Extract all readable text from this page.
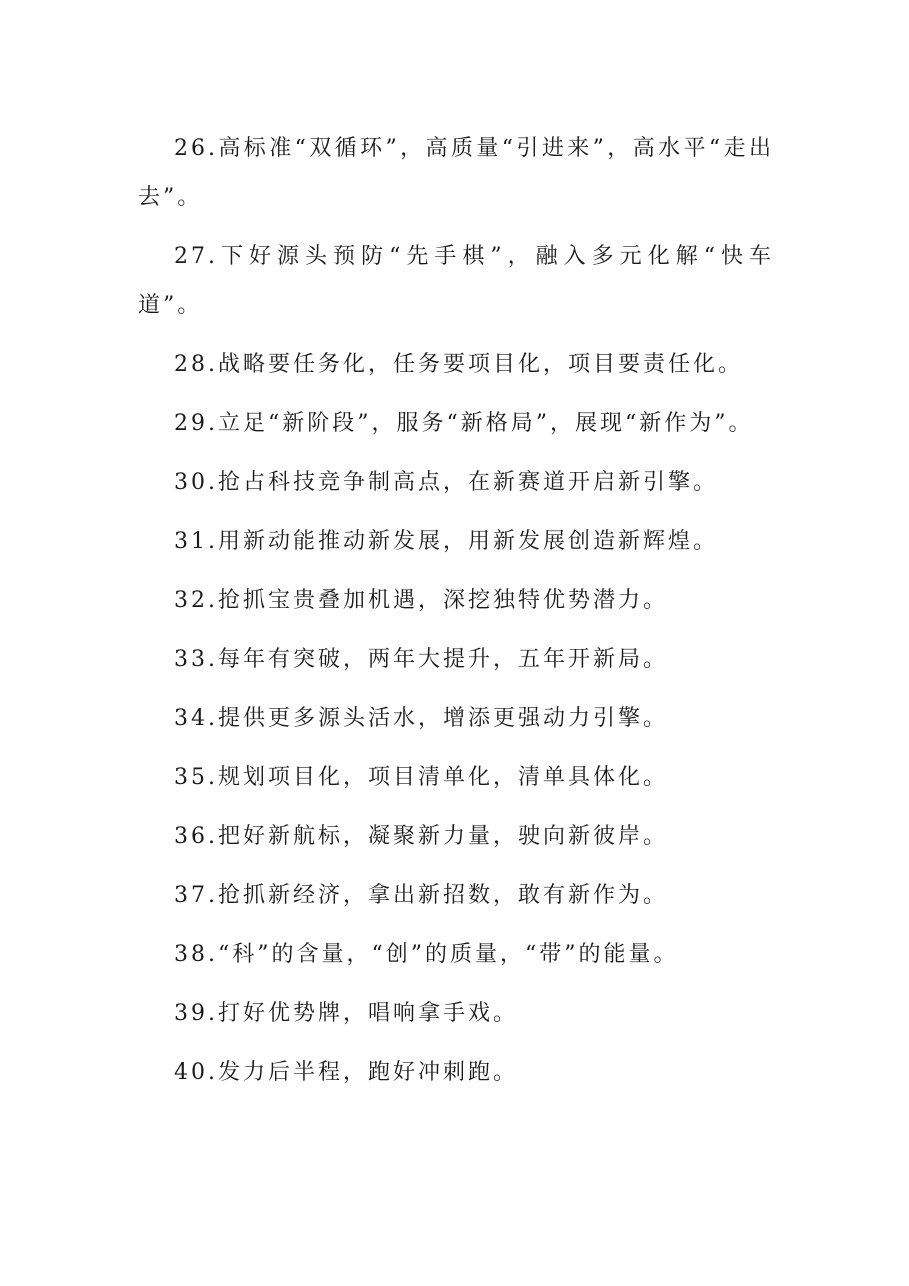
26.高标准“双循环”，高质量“引进来”，高水平“走出去”。

27.下好源头预防“先手棋”，融入多元化解“快车道”。

28.战略要任务化，任务要项目化，项目要责任化。

29.立足“新阶段”，服务“新格局”，展现“新作为”。

30.抢占科技竞争制高点，在新赛道开启新引擎。

31.用新动能推动新发展，用新发展创造新辉煌。

32.抢抓宝贵叠加机遇，深挖独特优势潜力。

33.每年有突破，两年大提升，五年开新局。

34.提供更多源头活水，增添更强动力引擎。

35.规划项目化，项目清单化，清单具体化。

36.把好新航标，凝聚新力量，驶向新彼岸。

37.抢抓新经济，拿出新招数，敢有新作为。

38.“科”的含量，“创”的质量，“带”的能量。

39.打好优势牌，唱响拿手戏。

40.发力后半程，跑好冲刺跑。
